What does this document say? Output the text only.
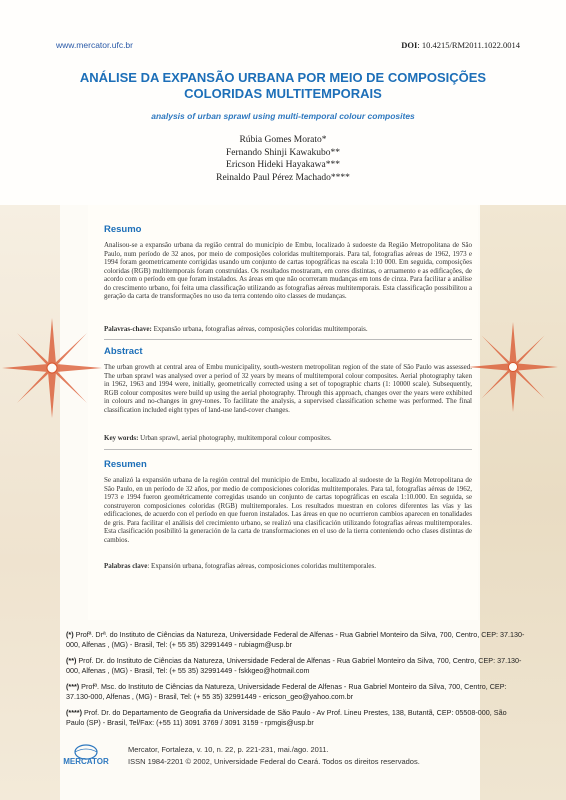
www.mercator.ufc.br	DOI: 10.4215/RM2011.1022.0014
ANÁLISE DA EXPANSÃO URBANA POR MEIO DE COMPOSIÇÕES
COLORIDAS MULTITEMPORAIS
analysis of urban sprawl using multi-temporal colour composites
Rúbia Gomes Morato*
Fernando Shinji Kawakubo**
Ericson Hideki Hayakawa***
Reinaldo Paul Pérez Machado****
Resumo
Analisou-se a expansão urbana da região central do município de Embu, localizado à sudoeste da Região Metropolitana de São Paulo, num período de 32 anos, por meio de composições coloridas multitemporais. Para tal, fotografias aéreas de 1962, 1973 e 1994 foram geometricamente corrigidas usando um conjunto de cartas topográficas na escala 1:10 000. Em seguida, composições coloridas (RGB) multitemporais foram construídas. Os resultados mostraram, em cores distintas, o arruamento e as edificações, de acordo com o período em que foram instalados. As áreas em que não ocorreram mudanças em tons de cinza. Para facilitar a análise do crescimento urbano, foi feita uma classificação utilizando as fotografias aéreas multitemporais. Esta classificação possibilitou a geração da carta de transformações no uso da terra contendo oito classes de mudanças.
Palavras-chave: Expansão urbana, fotografias aéreas, composições coloridas multitemporais.
Abstract
The urban growth at central area of Embu municipality, south-western metropolitan region of the state of São Paulo was assessed. The urban sprawl was analysed over a period of 32 years by means of multitemporal colour composites. Aerial photography taken in 1962, 1963 and 1994 were, initially, geometrically corrected using a set of topographic charts (1: 10000 scale). Subsequently, RGB colour composites were build up using the aerial photography. Through this approach, changes over the years were exhibited in colours and no-changes in grey-tones. To facilitate the analysis, a supervised classification scheme was performed. The final classification included eight types of land-use land-cover changes.
Key words: Urban sprawl, aerial photography, multitemporal colour composites.
Resumen
Se analizó la expansión urbana de la región central del municipio de Embu, localizado al sudoeste de la Región Metropolitana de São Paulo, en un período de 32 años, por medio de composiciones coloridas multitemporales. Para tal, fotografías aéreas de 1962, 1973 e 1994 fueron geométricamente corregidas usando un conjunto de cartas topográficas en escala 1:10.000. En seguida, se construyeron composiciones coloridas (RGB) multitemporales. Los resultados muestran en colores diferentes las vías y las edificaciones, de acuerdo con el período en que fueron instalados. Las áreas en que no ocurrieron cambios aparecen en tonalidades de gris. Para facilitar el análisis del crecimiento urbano, se realizó una clasificación utilizando fotografías aéreas multitemporales. Esta clasificación posibilitó la generación de la carta de transformaciones en el uso de la tierra conteniendo ocho clases distintas de cambios.
Palabras clave: Expansión urbana, fotografías aéreas, composiciones coloridas multitemporales.
(*) Profª. Drª. do Instituto de Ciências da Natureza, Universidade Federal de Alfenas - Rua Gabriel Monteiro da Silva, 700, Centro, CEP: 37.130-000, Alfenas , (MG) - Brasil, Tel: (+ 55 35) 32991449 - rubiagm@usp.br
(**) Prof. Dr. do Instituto de Ciências da Natureza, Universidade Federal de Alfenas - Rua Gabriel Monteiro da Silva, 700, Centro, CEP: 37.130-000, Alfenas , (MG) - Brasil, Tel: (+ 55 35) 32991449 - fskkgeo@hotmail.com
(***) Profª. Msc. do Instituto de Ciências da Natureza, Universidade Federal de Alfenas - Rua Gabriel Monteiro da Silva, 700, Centro, CEP: 37.130-000, Alfenas , (MG) - Brasil, Tel: (+ 55 35) 32991449 - ericson_geo@yahoo.com.br
(****) Prof. Dr. do Departamento de Geografia da Universidade de São Paulo - Av Prof. Lineu Prestes, 138, Butantã, CEP: 05508-000, São Paulo (SP) - Brasil, Tel/Fax: (+55 11) 3091 3769 / 3091 3159 - rpmgis@usp.br
MERCATOR
Mercator, Fortaleza, v. 10, n. 22, p. 221-231, mai./ago. 2011.
ISSN 1984-2201 © 2002, Universidade Federal do Ceará. Todos os direitos reservados.
